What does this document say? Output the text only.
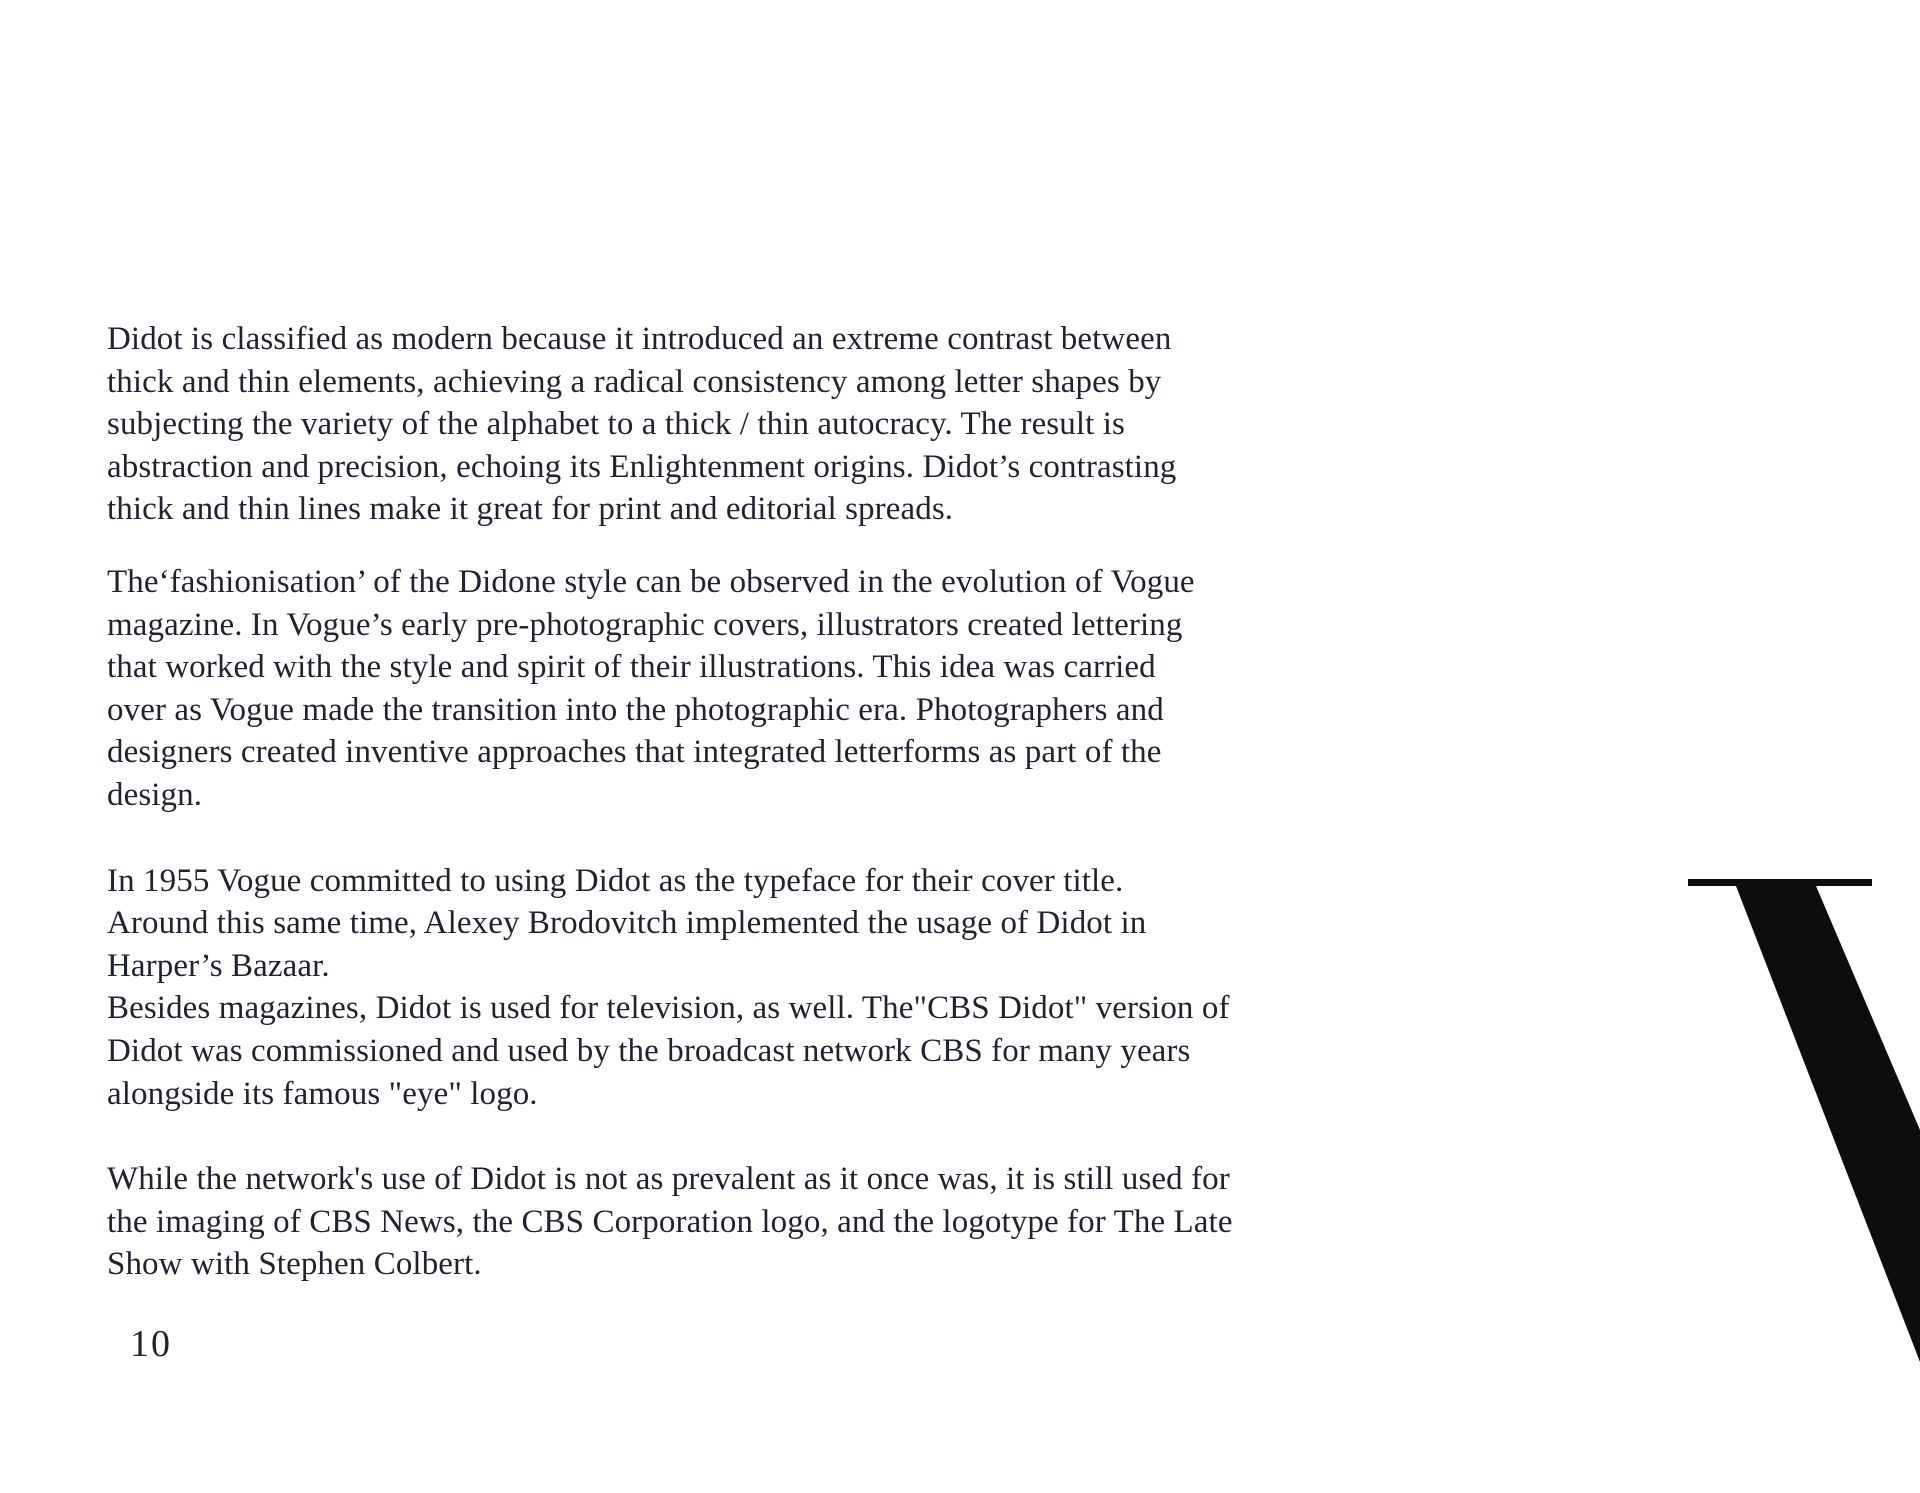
Didot is classified as modern because it introduced an extreme contrast between
thick and thin elements, achieving a radical consistency among letter shapes by
subjecting the variety of the alphabet to a thick / thin autocracy. The result is
abstraction and precision, echoing its Enlightenment origins. Didot’s contrasting
thick and thin lines make it great for print and editorial spreads.

The‘fashionisation’ of the Didone style can be observed in the evolution of Vogue
magazine. In Vogue’s early pre-photographic covers, illustrators created lettering
that worked with the style and spirit of their illustrations. This idea was carried
over as Vogue made the transition into the photographic era. Photographers and
designers created inventive approaches that integrated letterforms as part of the
design.

In 1955 Vogue committed to using Didot as the typeface for their cover title.
Around this same time, Alexey Brodovitch implemented the usage of Didot in
Harper’s Bazaar.

Besides magazines, Didot is used for television, as well. The"CBS Didot" version of
Didot was commissioned and used by the broadcast network CBS for many years
alongside its famous "eye" logo.

While the network's use of Didot is not as prevalent as it once was, it is still used for
the imaging of CBS News, the CBS Corporation logo, and the logotype for The Late
Show with Stephen Colbert.

10
